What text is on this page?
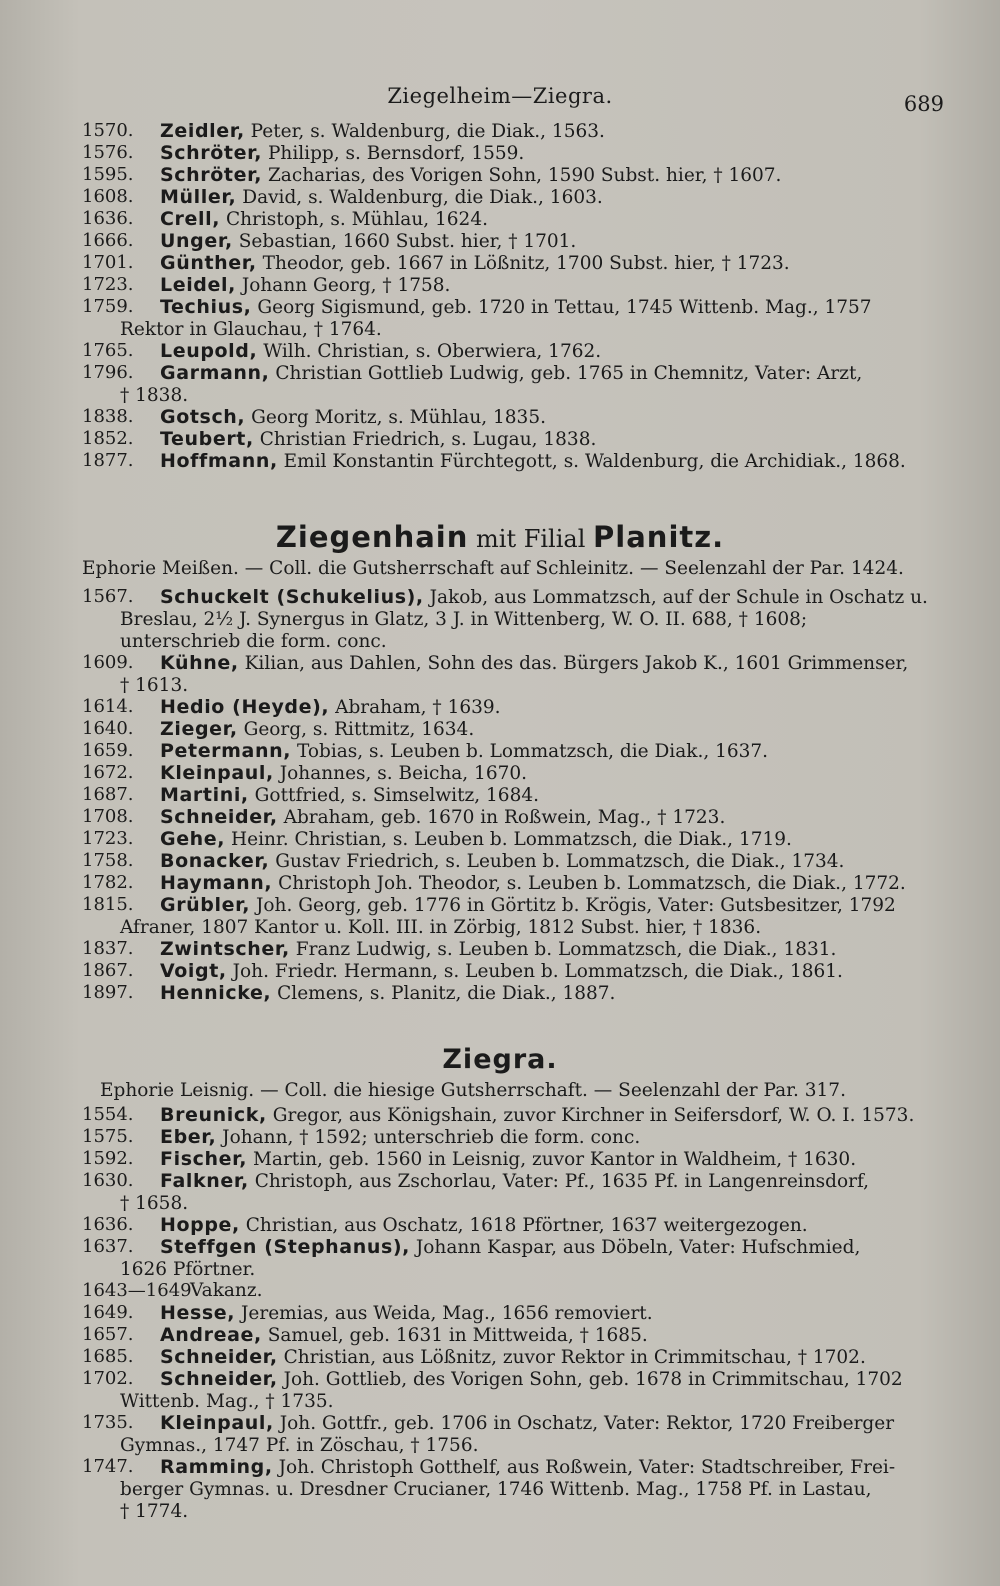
Ziegelheim—Ziegra.	689
1570. Zeidler, Peter, s. Waldenburg, die Diak., 1563.
1576. Schröter, Philipp, s. Bernsdorf, 1559.
1595. Schröter, Zacharias, des Vorigen Sohn, 1590 Subst. hier, † 1607.
1608. Müller, David, s. Waldenburg, die Diak., 1603.
1636. Crell, Christoph, s. Mühlau, 1624.
1666. Unger, Sebastian, 1660 Subst. hier, † 1701.
1701. Günther, Theodor, geb. 1667 in Lößnitz, 1700 Subst. hier, † 1723.
1723. Leidel, Johann Georg, † 1758.
1759. Techius, Georg Sigismund, geb. 1720 in Tettau, 1745 Wittenb. Mag., 1757
Rektor in Glauchau, † 1764.
1765. Leupold, Wilh. Christian, s. Oberwiera, 1762.
1796. Garmann, Christian Gottlieb Ludwig, geb. 1765 in Chemnitz, Vater: Arzt,
† 1838.
1838. Gotsch, Georg Moritz, s. Mühlau, 1835.
1852. Teubert, Christian Friedrich, s. Lugau, 1838.
1877. Hoffmann, Emil Konstantin Fürchtegott, s. Waldenburg, die Archidiak., 1868.
Ziegenhain mit Filial Planitz.
Ephorie Meißen. — Coll. die Gutsherrschaft auf Schleinitz. — Seelenzahl der Par. 1424.
1567. Schuckelt (Schukelius), Jakob, aus Lommatzsch, auf der Schule in Oschatz u.
Breslau, 2½ J. Synergus in Glatz, 3 J. in Wittenberg, W. O. II. 688, † 1608;
unterschrieb die form. conc.
1609. Kühne, Kilian, aus Dahlen, Sohn des das. Bürgers Jakob K., 1601 Grimmenser,
† 1613.
1614. Hedio (Heyde), Abraham, † 1639.
1640. Zieger, Georg, s. Rittmitz, 1634.
1659. Petermann, Tobias, s. Leuben b. Lommatzsch, die Diak., 1637.
1672. Kleinpaul, Johannes, s. Beicha, 1670.
1687. Martini, Gottfried, s. Simselwitz, 1684.
1708. Schneider, Abraham, geb. 1670 in Roßwein, Mag., † 1723.
1723. Gehe, Heinr. Christian, s. Leuben b. Lommatzsch, die Diak., 1719.
1758. Bonacker, Gustav Friedrich, s. Leuben b. Lommatzsch, die Diak., 1734.
1782. Haymann, Christoph Joh. Theodor, s. Leuben b. Lommatzsch, die Diak., 1772.
1815. Grübler, Joh. Georg, geb. 1776 in Görtitz b. Krögis, Vater: Gutsbesitzer, 1792
Afraner, 1807 Kantor u. Koll. III. in Zörbig, 1812 Subst. hier, † 1836.
1837. Zwintscher, Franz Ludwig, s. Leuben b. Lommatzsch, die Diak., 1831.
1867. Voigt, Joh. Friedr. Hermann, s. Leuben b. Lommatzsch, die Diak., 1861.
1897. Hennicke, Clemens, s. Planitz, die Diak., 1887.
Ziegra.
Ephorie Leisnig. — Coll. die hiesige Gutsherrschaft. — Seelenzahl der Par. 317.
1554. Breunick, Gregor, aus Königshain, zuvor Kirchner in Seifersdorf, W. O. I. 1573.
1575. Eber, Johann, † 1592; unterschrieb die form. conc.
1592. Fischer, Martin, geb. 1560 in Leisnig, zuvor Kantor in Waldheim, † 1630.
1630. Falkner, Christoph, aus Zschorlau, Vater: Pf., 1635 Pf. in Langenreinsdorf,
† 1658.
1636. Hoppe, Christian, aus Oschatz, 1618 Pförtner, 1637 weitergezogen.
1637. Steffgen (Stephanus), Johann Kaspar, aus Döbeln, Vater: Hufschmied,
1626 Pförtner.
1643—1649
Vakanz.
1649. Hesse, Jeremias, aus Weida, Mag., 1656 removiert.
1657. Andreae, Samuel, geb. 1631 in Mittweida, † 1685.
1685. Schneider, Christian, aus Lößnitz, zuvor Rektor in Crimmitschau, † 1702.
1702. Schneider, Joh. Gottlieb, des Vorigen Sohn, geb. 1678 in Crimmitschau, 1702
Wittenb. Mag., † 1735.
1735. Kleinpaul, Joh. Gottfr., geb. 1706 in Oschatz, Vater: Rektor, 1720 Freiberger
Gymnas., 1747 Pf. in Zöschau, † 1756.
1747. Ramming, Joh. Christoph Gotthelf, aus Roßwein, Vater: Stadtschreiber, Frei-
berger Gymnas. u. Dresdner Crucianer, 1746 Wittenb. Mag., 1758 Pf. in Lastau,
† 1774.
